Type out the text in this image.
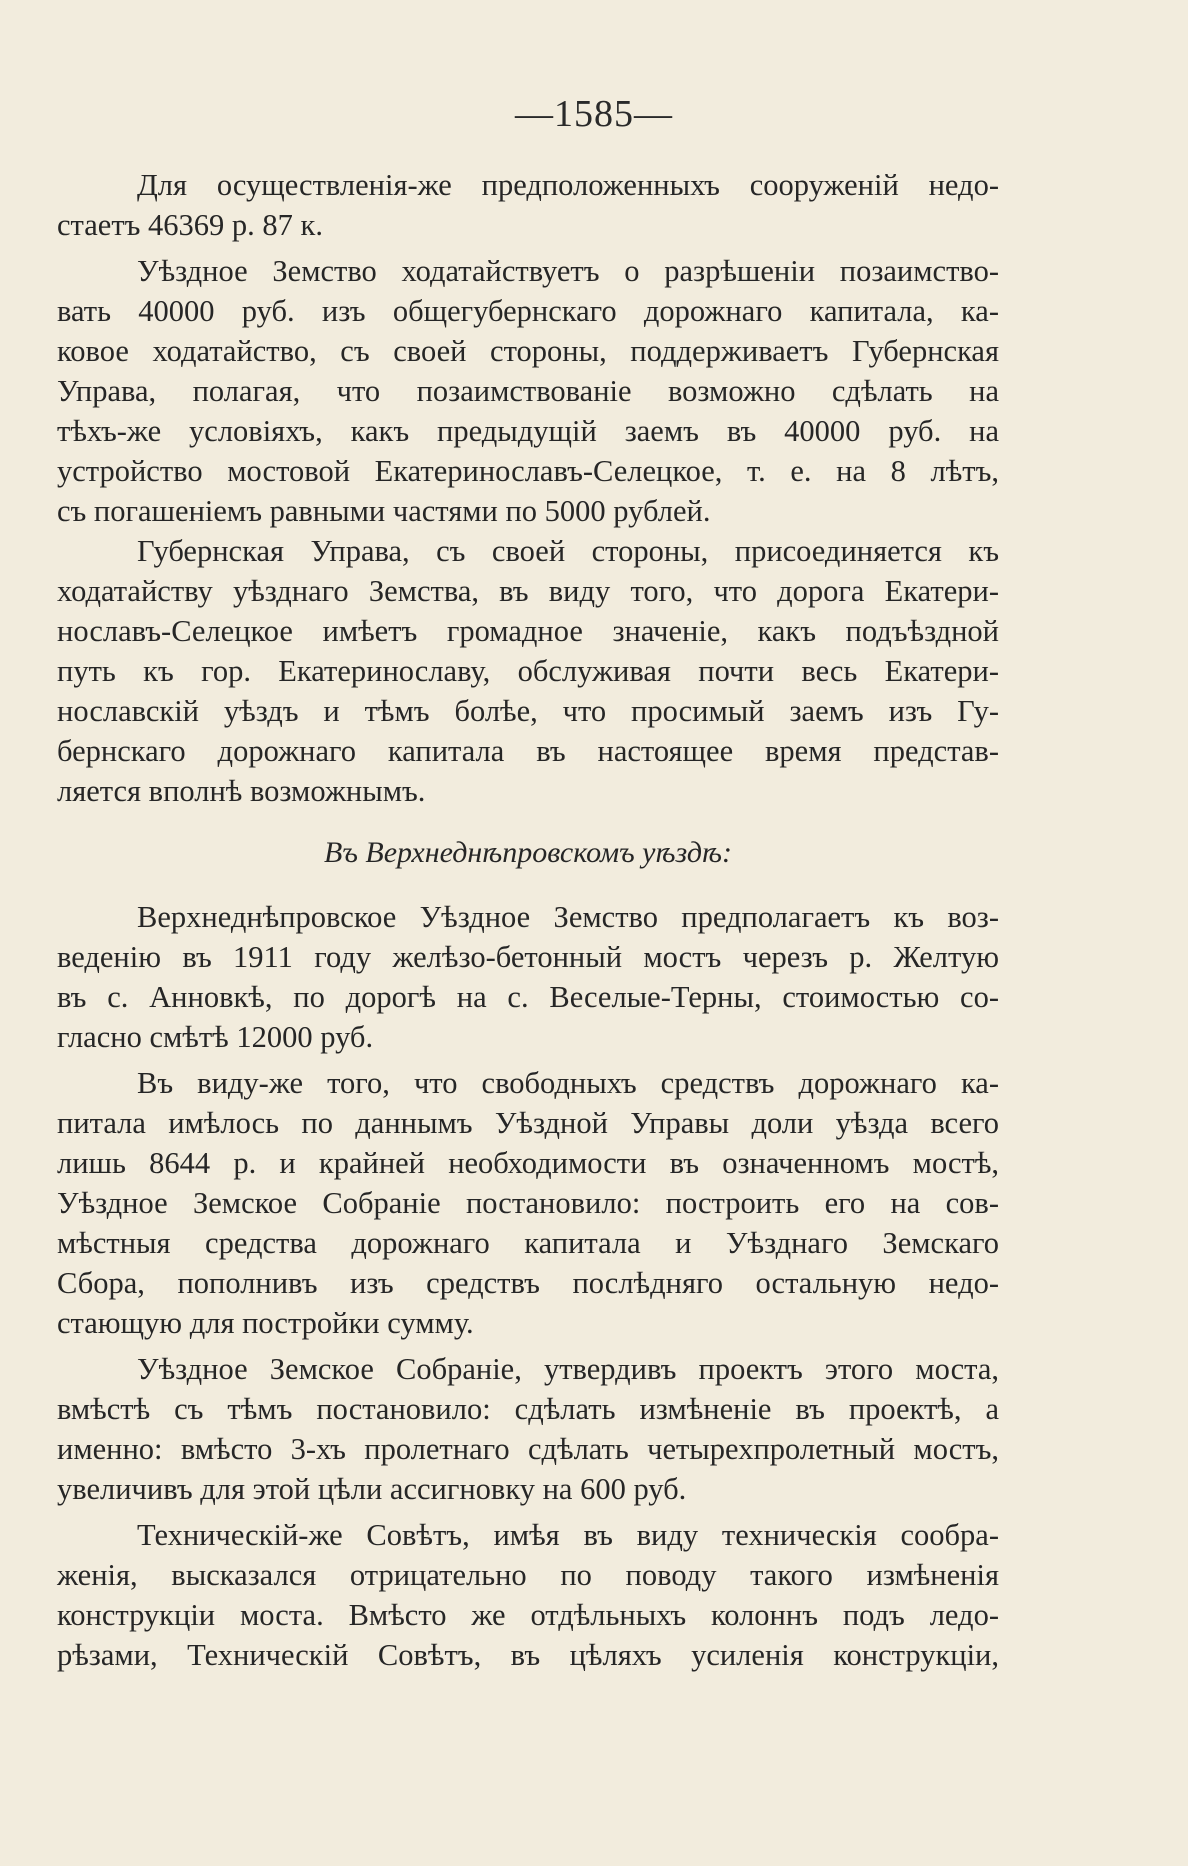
—1585—
Для осуществленія-же предположенныхъ сооруженій недо-
стаетъ 46369 р. 87 к.
Уѣздное Земство ходатайствуетъ о разрѣшеніи позаимство-
вать 40000 руб. изъ общегубернскаго дорожнаго капитала, ка-
ковое ходатайство, съ своей стороны, поддерживаетъ Губернская
Управа, полагая, что позаимствованіе возможно сдѣлать на
тѣхъ-же условіяхъ, какъ предыдущій заемъ въ 40000 руб. на
устройство мостовой Екатеринославъ-Селецкое, т. е. на 8 лѣтъ,
съ погашеніемъ равными частями по 5000 рублей.
Губернская Управа, съ своей стороны, присоединяется къ
ходатайству уѣзднаго Земства, въ виду того, что дорога Екатери-
нославъ-Селецкое имѣетъ громадное значеніе, какъ подъѣздной
путь къ гор. Екатеринославу, обслуживая почти весь Екатери-
нославскій уѣздъ и тѣмъ болѣе, что просимый заемъ изъ Гу-
бернскаго дорожнаго капитала въ настоящее время представ-
ляется вполнѣ возможнымъ.
Въ Верхнеднѣпровскомъ уѣздѣ:
Верхнеднѣпровское Уѣздное Земство предполагаетъ къ воз-
веденію въ 1911 году желѣзо-бетонный мостъ черезъ р. Желтую
въ с. Анновкѣ, по дорогѣ на с. Веселые-Терны, стоимостью со-
гласно смѣтѣ 12000 руб.
Въ виду-же того, что свободныхъ средствъ дорожнаго ка-
питала имѣлось по даннымъ Уѣздной Управы доли уѣзда всего
лишь 8644 р. и крайней необходимости въ означенномъ мостѣ,
Уѣздное Земское Собраніе постановило: построить его на сов-
мѣстныя средства дорожнаго капитала и Уѣзднаго Земскаго
Сбора, пополнивъ изъ средствъ послѣдняго остальную недо-
стающую для постройки сумму.
Уѣздное Земское Собраніе, утвердивъ проектъ этого моста,
вмѣстѣ съ тѣмъ постановило: сдѣлать измѣненіе въ проектѣ, а
именно: вмѣсто 3-хъ пролетнаго сдѣлать четырехпролетный мостъ,
увеличивъ для этой цѣли ассигновку на 600 руб.
Техническій-же Совѣтъ, имѣя въ виду техническія сообра-
женія, высказался отрицательно по поводу такого измѣненія
конструкціи моста. Вмѣсто же отдѣльныхъ колоннъ подъ ледо-
рѣзами, Техническій Совѣтъ, въ цѣляхъ усиленія конструкціи,
